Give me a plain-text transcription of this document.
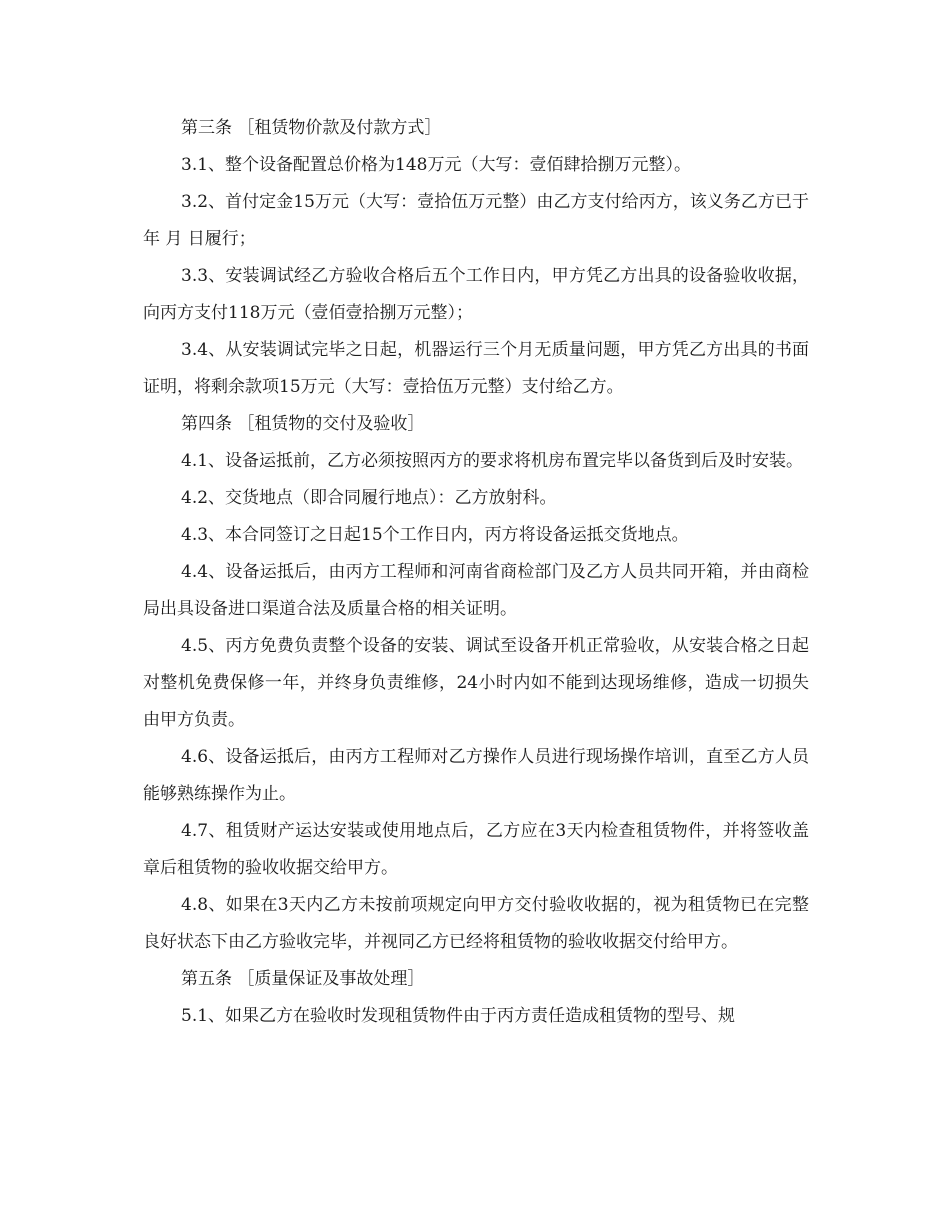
第三条 ［租赁物价款及付款方式］

3.1、整个设备配置总价格为148万元（大写：壹佰肆拾捌万元整）。

3.2、首付定金15万元（大写：壹拾伍万元整）由乙方支付给丙方，该义务乙方已于 年 月 日履行；

3.3、安装调试经乙方验收合格后五个工作日内，甲方凭乙方出具的设备验收收据，向丙方支付118万元（壹佰壹拾捌万元整）；

3.4、从安装调试完毕之日起，机器运行三个月无质量问题，甲方凭乙方出具的书面证明，将剩余款项15万元（大写：壹拾伍万元整）支付给乙方。

第四条 ［租赁物的交付及验收］

4.1、设备运抵前，乙方必须按照丙方的要求将机房布置完毕以备货到后及时安装。

4.2、交货地点（即合同履行地点）：乙方放射科。

4.3、本合同签订之日起15个工作日内，丙方将设备运抵交货地点。

4.4、设备运抵后，由丙方工程师和河南省商检部门及乙方人员共同开箱，并由商检局出具设备进口渠道合法及质量合格的相关证明。

4.5、丙方免费负责整个设备的安装、调试至设备开机正常验收，从安装合格之日起对整机免费保修一年，并终身负责维修，24小时内如不能到达现场维修，造成一切损失由甲方负责。

4.6、设备运抵后，由丙方工程师对乙方操作人员进行现场操作培训，直至乙方人员能够熟练操作为止。

4.7、租赁财产运达安装或使用地点后，乙方应在3天内检查租赁物件，并将签收盖章后租赁物的验收收据交给甲方。

4.8、如果在3天内乙方未按前项规定向甲方交付验收收据的，视为租赁物已在完整良好状态下由乙方验收完毕，并视同乙方已经将租赁物的验收收据交付给甲方。

第五条 ［质量保证及事故处理］

5.1、如果乙方在验收时发现租赁物件由于丙方责任造成租赁物的型号、规
